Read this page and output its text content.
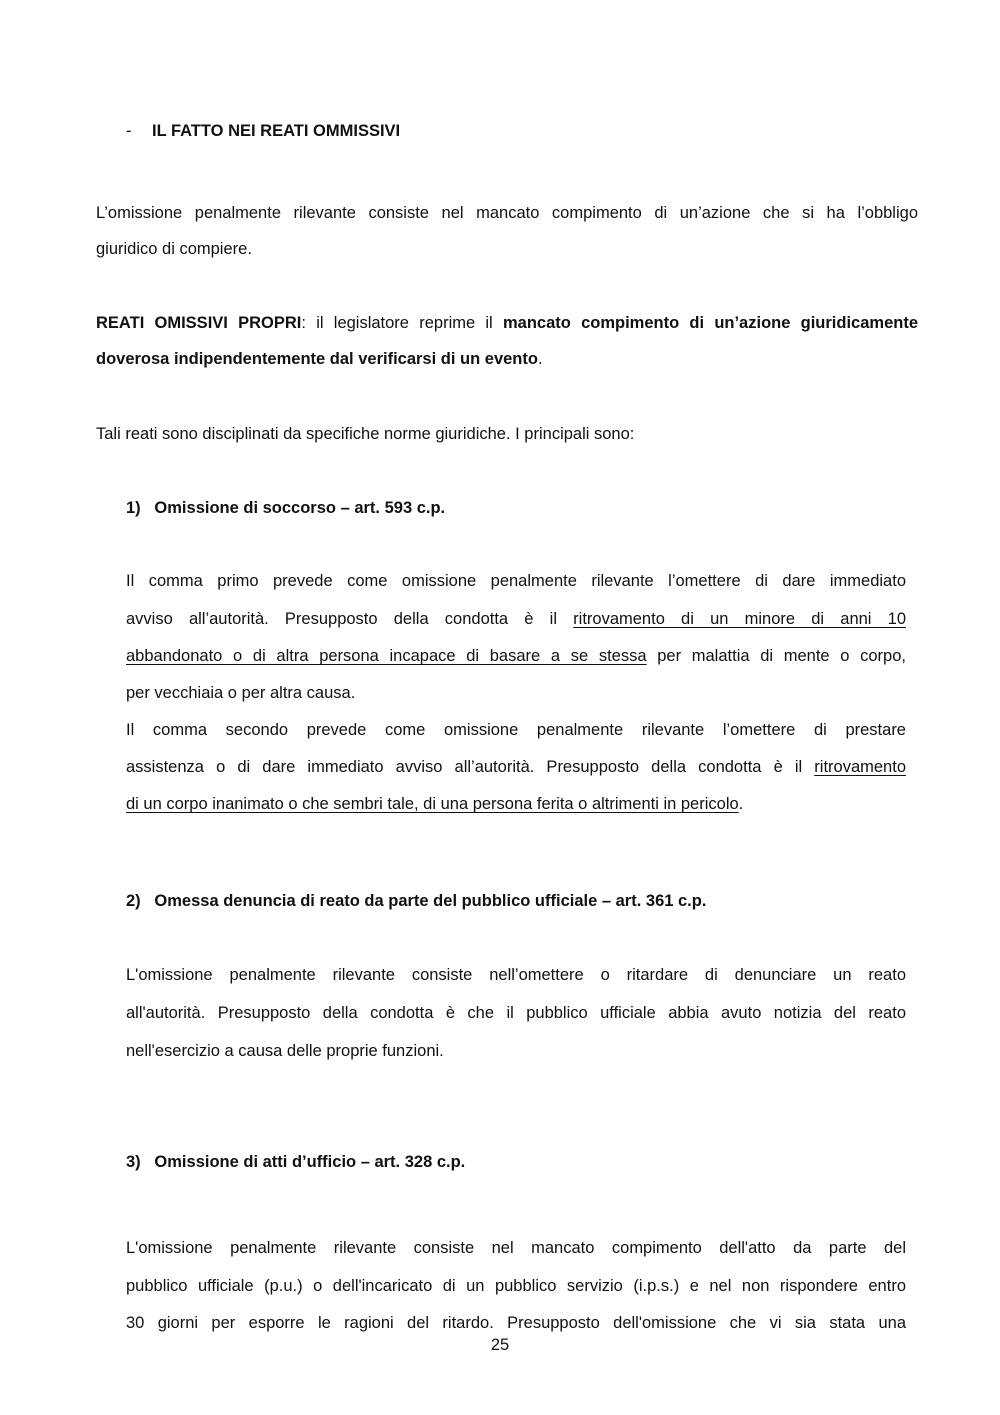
- IL FATTO NEI REATI OMMISSIVI
L’omissione penalmente rilevante consiste nel mancato compimento di un’azione che si ha l’obbligo
giuridico di compiere.
REATI OMISSIVI PROPRI: il legislatore reprime il mancato compimento di un’azione giuridicamente
doverosa indipendentemente dal verificarsi di un evento.
Tali reati sono disciplinati da specifiche norme giuridiche. I principali sono:
1)   Omissione di soccorso – art. 593 c.p.
Il comma primo prevede come omissione penalmente rilevante l’omettere di dare immediato
avviso all’autorità. Presupposto della condotta è il ritrovamento di un minore di anni 10
abbandonato o di altra persona incapace di basare a se stessa per malattia di mente o corpo,
per vecchiaia o per altra causa.
Il comma secondo prevede come omissione penalmente rilevante l’omettere di prestare
assistenza o di dare immediato avviso all’autorità. Presupposto della condotta è il ritrovamento
di un corpo inanimato o che sembri tale, di una persona ferita o altrimenti in pericolo.
2)   Omessa denuncia di reato da parte del pubblico ufficiale – art. 361 c.p.
L'omissione penalmente rilevante consiste nell’omettere o ritardare di denunciare un reato
all'autorità. Presupposto della condotta è che il pubblico ufficiale abbia avuto notizia del reato
nell'esercizio a causa delle proprie funzioni.
3)   Omissione di atti d’ufficio – art. 328 c.p.
L'omissione penalmente rilevante consiste nel mancato compimento dell'atto da parte del
pubblico ufficiale (p.u.) o dell'incaricato di un pubblico servizio (i.p.s.) e nel non rispondere entro
30 giorni per esporre le ragioni del ritardo. Presupposto dell'omissione che vi sia stata una
25
